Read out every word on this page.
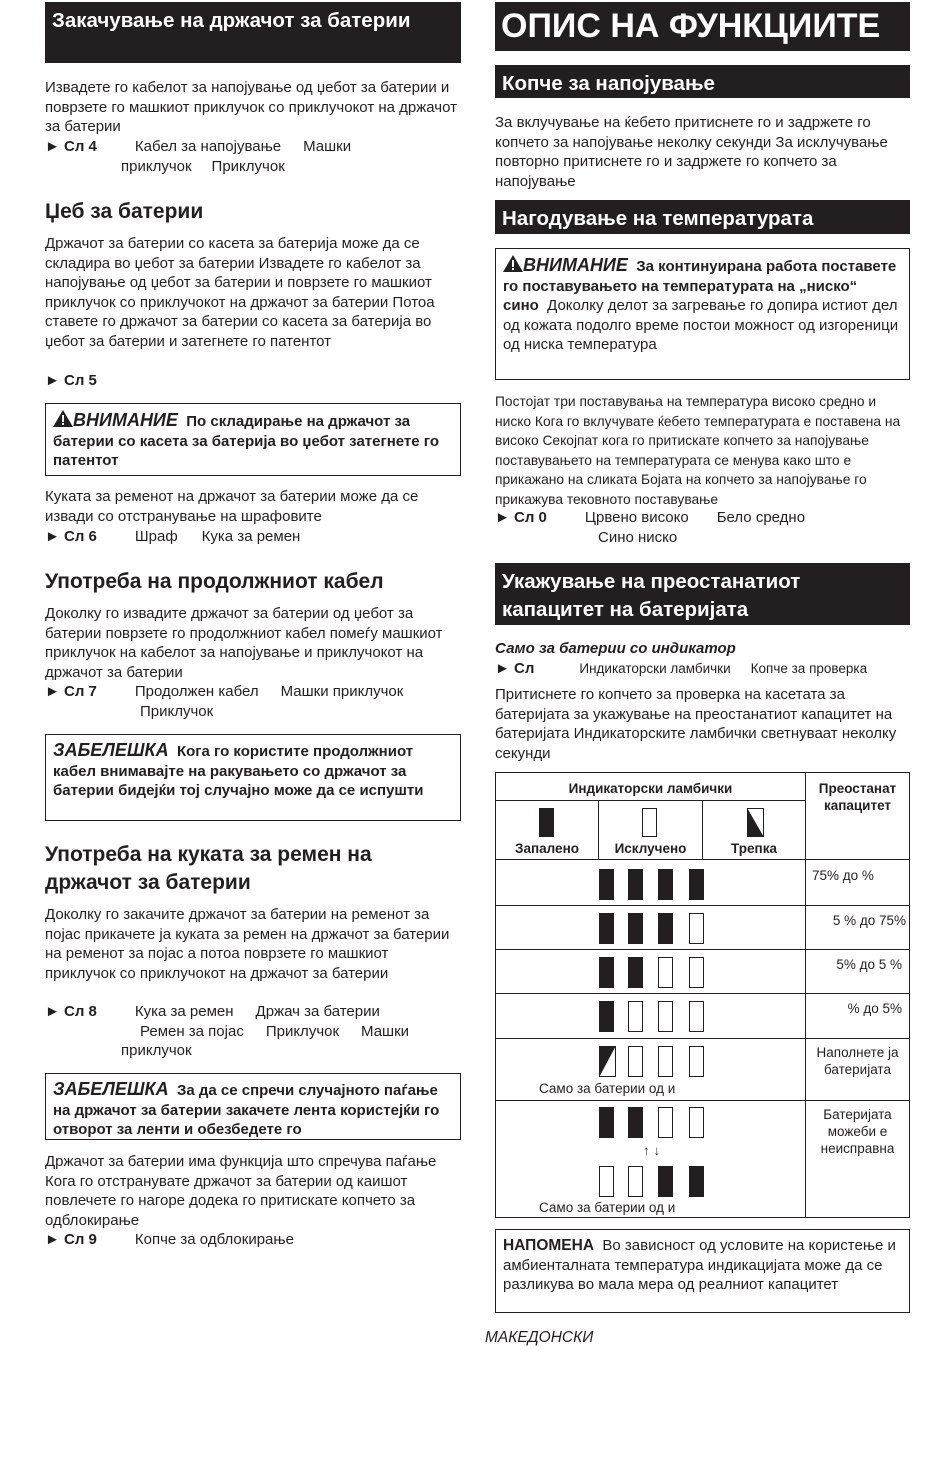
Закачување на држачот за батерии
Извадете го кабелот за напојување од џебот за батерии и поврзете го машкиот приклучок со приклучокот на држачот за батерии
► Сл 4	Кабел за напојување Машки
приклучок Приклучок
Џеб за батерии
Држачот за батерии со касета за батерија може да се складира во џебот за батерии Извадете го кабелот за напојување од џебот за батерии и поврзете го машкиот приклучок со приклучокот на држачот за батерии Потоа ставете го држачот за батерии со касета за батерија во џебот за батерии и затегнете го патентот
► Сл 5
ВНИМАНИЕ По складирање на држачот за батерии со касета за батерија во џебот затегнете го патентот
Куката за ременот на држачот за батерии може да се извади со отстранување на шрафовите
► Сл 6	Шраф Кука за ремен
Употреба на продолжниот кабел
Доколку го извадите држачот за батерии од џебот за батерии поврзете го продолжниот кабел помеѓу машкиот приклучок на кабелот за напојување и приклучокот на држачот за батерии
► Сл 7	Продолжен кабел Машки приклучок
Приклучок
ЗАБЕЛЕШКА Кога го користите продолжниот кабел внимавајте на ракувањето со држачот за батерии бидејќи тој случајно може да се испушти
Употреба на куката за ремен на држачот за батерии
Доколку го закачите држачот за батерии на ременот за појас прикачете ја куката за ремен на држачот за батерии на ременот за појас а потоа поврзете го машкиот приклучок со приклучокот на држачот за батерии
► Сл 8	Кука за ремен Држач за батерии
Ремен за појас Приклучок Машки
приклучок
ЗАБЕЛЕШКА За да се спречи случајното паѓање на држачот за батерии закачете лента користејќи го отворот за ленти и обезбедете го
Држачот за батерии има функција што спречува паѓање Кога го отстранувате држачот за батерии од каишот повлечете го нагоре додека го притискате копчето за одблокирање
► Сл 9	Копче за одблокирање
ОПИС НА ФУНКЦИИТЕ
Копче за напојување
За вклучување на ќебето притиснете го и задржете го копчето за напојување неколку секунди За исклучување повторно притиснете го и задржете го копчето за напојување
Нагодување на температурата
ВНИМАНИЕ За континуирана работа поставете го поставувањето на температурата на „ниско“ сино Доколку делот за загревање го допира истиот дел од кожата подолго време постои можност од изгореници од ниска температура
Постојат три поставувања на температура високо средно и ниско Кога го вклучувате ќебето температурата е поставена на високо Секојпат кога го притискате копчето за напојување поставувањето на температурата се менува како што е прикажано на сликата Бојата на копчето за напојување го прикажува тековното поставување
► Сл 0	Црвено високо Бело средно
Сино ниско
Укажување на преостанатиот капацитет на батеријата
Само за батерии со индикатор
► Сл	Индикаторски ламбички Копче за проверка
Притиснете го копчето за проверка на касетата за батеријата за укажување на преостанатиот капацитет на батеријата Индикаторските ламбички светнуваат неколку секунди
Индикаторски ламбички	Преостанат капацитет
Запалено	Исклучено	Трепка
75% до %
5 % до 75%
5% до 5 %
% до 5%
Наполнете ја батеријата
Батеријата можеби е неисправна
Само за батерии од и
↑ ↓
Само за батерии од и
НАПОМЕНА Во зависност од условите на користење и амбиенталната температура индикацијата може да се разликува во мала мера од реалниот капацитет
МАКЕДОНСКИ
